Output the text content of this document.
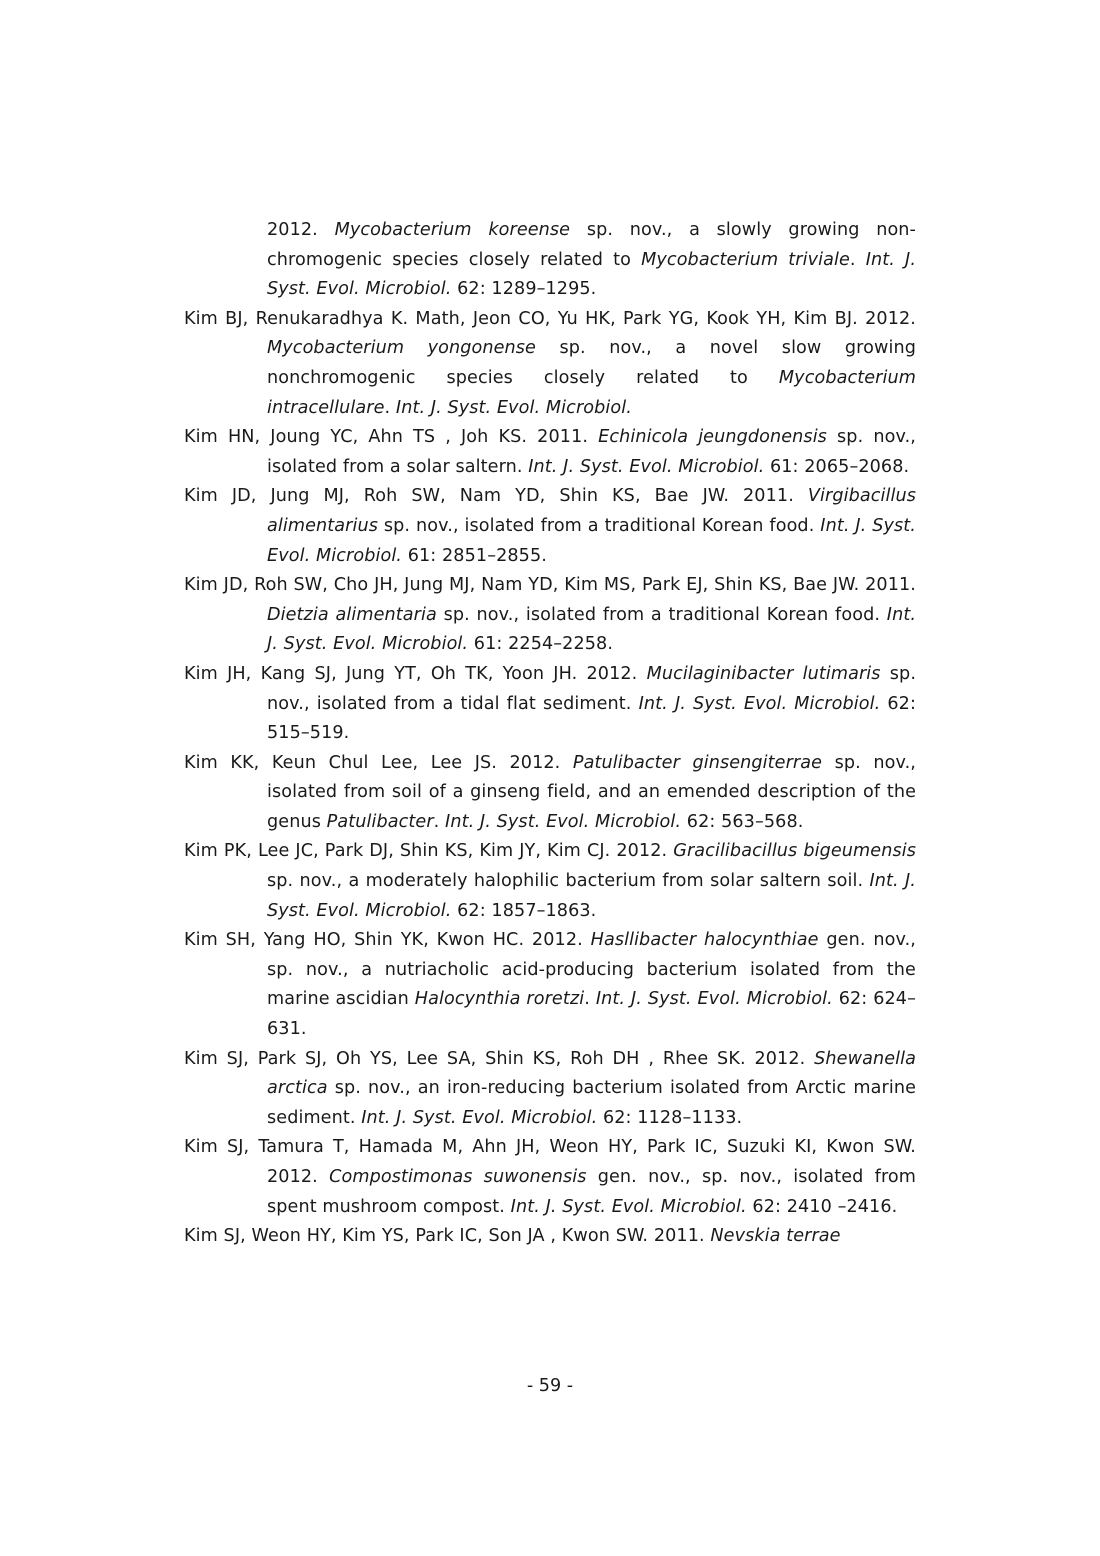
2012. Mycobacterium koreense sp. nov., a slowly growing non-chromogenic species closely related to Mycobacterium triviale. Int. J. Syst. Evol. Microbiol. 62: 1289–1295.

Kim BJ, Renukaradhya K. Math, Jeon CO, Yu HK, Park YG, Kook YH, Kim BJ. 2012. Mycobacterium yongonense sp. nov., a novel slow growing nonchromogenic species closely related to Mycobacterium intracellulare. Int. J. Syst. Evol. Microbiol.

Kim HN, Joung YC, Ahn TS , Joh KS. 2011. Echinicola jeungdonensis sp. nov., isolated from a solar saltern. Int. J. Syst. Evol. Microbiol. 61: 2065–2068.

Kim JD, Jung MJ, Roh SW, Nam YD, Shin KS, Bae JW. 2011. Virgibacillus alimentarius sp. nov., isolated from a traditional Korean food. Int. J. Syst. Evol. Microbiol. 61: 2851–2855.

Kim JD, Roh SW, Cho JH, Jung MJ, Nam YD, Kim MS, Park EJ, Shin KS, Bae JW. 2011. Dietzia alimentaria sp. nov., isolated from a traditional Korean food. Int. J. Syst. Evol. Microbiol. 61: 2254–2258.

Kim JH, Kang SJ, Jung YT, Oh TK, Yoon JH. 2012. Mucilaginibacter lutimaris sp. nov., isolated from a tidal flat sediment. Int. J. Syst. Evol. Microbiol. 62: 515–519.

Kim KK, Keun Chul Lee, Lee JS. 2012. Patulibacter ginsengiterrae sp. nov., isolated from soil of a ginseng field, and an emended description of the genus Patulibacter. Int. J. Syst. Evol. Microbiol. 62: 563–568.

Kim PK, Lee JC, Park DJ, Shin KS, Kim JY, Kim CJ. 2012. Gracilibacillus bigeumensis sp. nov., a moderately halophilic bacterium from solar saltern soil. Int. J. Syst. Evol. Microbiol. 62: 1857–1863.

Kim SH, Yang HO, Shin YK, Kwon HC. 2012. Hasllibacter halocynthiae gen. nov., sp. nov., a nutriacholic acid-producing bacterium isolated from the marine ascidian Halocynthia roretzi. Int. J. Syst. Evol. Microbiol. 62: 624–631.

Kim SJ, Park SJ, Oh YS, Lee SA, Shin KS, Roh DH , Rhee SK. 2012. Shewanella arctica sp. nov., an iron-reducing bacterium isolated from Arctic marine sediment. Int. J. Syst. Evol. Microbiol. 62: 1128–1133.

Kim SJ, Tamura T, Hamada M, Ahn JH, Weon HY, Park IC, Suzuki KI, Kwon SW. 2012. Compostimonas suwonensis gen. nov., sp. nov., isolated from spent mushroom compost. Int. J. Syst. Evol. Microbiol. 62: 2410 –2416.

Kim SJ, Weon HY, Kim YS, Park IC, Son JA , Kwon SW. 2011. Nevskia terrae

- 59 -
